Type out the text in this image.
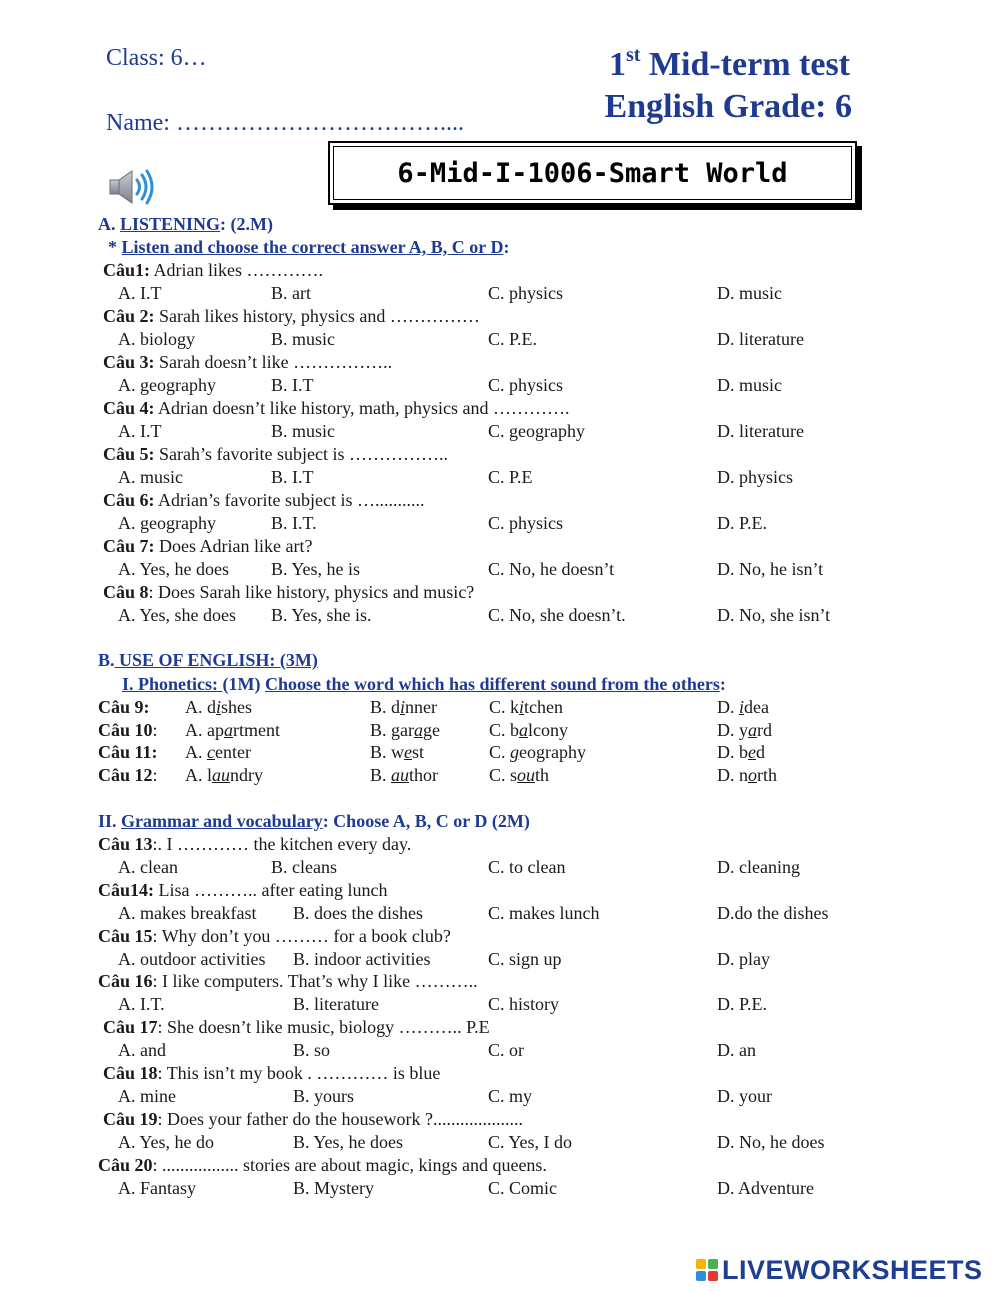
Class: 6…
Name: ……………………………....
1st Mid-term test
English Grade: 6
6-Mid-I-1006-Smart World
A. LISTENING: (2.M)
* Listen and choose the correct answer A, B, C or D:
Câu1: Adrian likes ………….
A. I.T	B. art	C. physics	D. music
Câu 2: Sarah likes history, physics and ……………
A. biology	B. music	C. P.E.	D. literature
Câu 3: Sarah doesn’t like ……………..
A. geography	B. I.T	C. physics	D. music
Câu 4: Adrian doesn’t like history, math, physics and ………….
A. I.T	B. music	C. geography	D. literature
Câu 5: Sarah’s favorite subject is ……………..
A. music	B. I.T	C. P.E	D. physics
Câu 6: Adrian’s favorite subject is …...........
A. geography	B. I.T.	C. physics	D. P.E.
Câu 7: Does Adrian like art?
A. Yes, he does B. Yes, he is	C. No, he doesn’t	D. No, he isn’t
Câu 8: Does Sarah like history, physics and music?
A. Yes, she does B. Yes, she is.	C. No, she doesn’t.	D. No, she isn’t
B. USE OF ENGLISH: (3M)
I. Phonetics: (1M) Choose the word which has different sound from the others:
Câu 9: A. dishes	B. dinner	C. kitchen	D. idea
Câu 10: A. apartment	B. garage	C. balcony	D. yard
Câu 11: A. center	B. west	C. geography	D. bed
Câu 12: A. laundry	B. author	C. south	D. north
II. Grammar and vocabulary: Choose A, B, C or D (2M)
Câu 13:. I ………… the kitchen every day.
A. clean	B. cleans	C. to clean	D. cleaning
Câu14: Lisa ……….. after eating lunch
A. makes breakfast B. does the dishes	C. makes lunch	D.do the dishes
Câu 15: Why don’t you ……… for a book club?
A. outdoor activities B. indoor activities	C. sign up	D. play
Câu 16: I like computers. That’s why I like ………..
A. I.T.	B. literature	C. history	D. P.E.
Câu 17: She doesn’t like music, biology ……….. P.E
A. and	B. so	C. or	D. an
Câu 18: This isn’t my book . ………… is blue
A. mine	B. yours	C. my	D. your
Câu 19: Does your father do the housework ?....................
A. Yes, he do	B. Yes, he does	C. Yes, I do	D. No, he does
Câu 20: ................. stories are about magic, kings and queens.
A. Fantasy	B. Mystery	C. Comic	D. Adventure
LIVEWORKSHEETS
